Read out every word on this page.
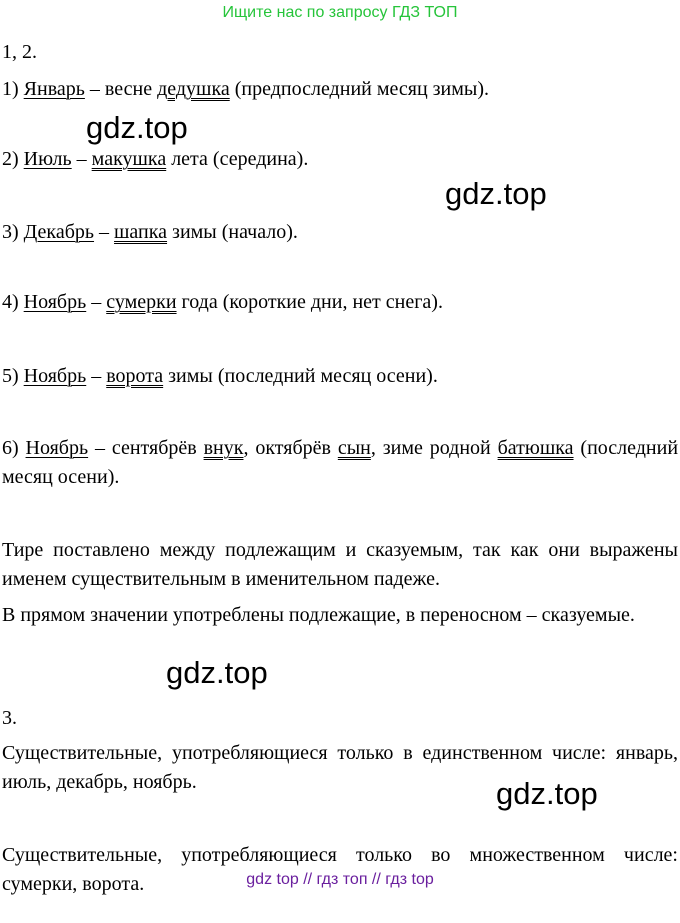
Ищите нас по запросу ГДЗ ТОП
1, 2.
1) Январь – весне дедушка (предпоследний месяц зимы).
2) Июль – макушка лета (середина).
3) Декабрь – шапка зимы (начало).
4) Ноябрь – сумерки года (короткие дни, нет снега).
5) Ноябрь – ворота зимы (последний месяц осени).
6) Ноябрь – сентябрёв внук, октябрёв сын, зиме родной батюшка (последний месяц осени).
Тире поставлено между подлежащим и сказуемым, так как они выражены именем существительным в именительном падеже.
В прямом значении употреблены подлежащие, в переносном – сказуемые.
3.
Существительные, употребляющиеся только в единственном числе: январь, июль, декабрь, ноябрь.
Существительные, употребляющиеся только во множественном числе: сумерки, ворота.
gdz.top
gdz.top
gdz.top
gdz.top
gdz top // гдз топ // гдз top
